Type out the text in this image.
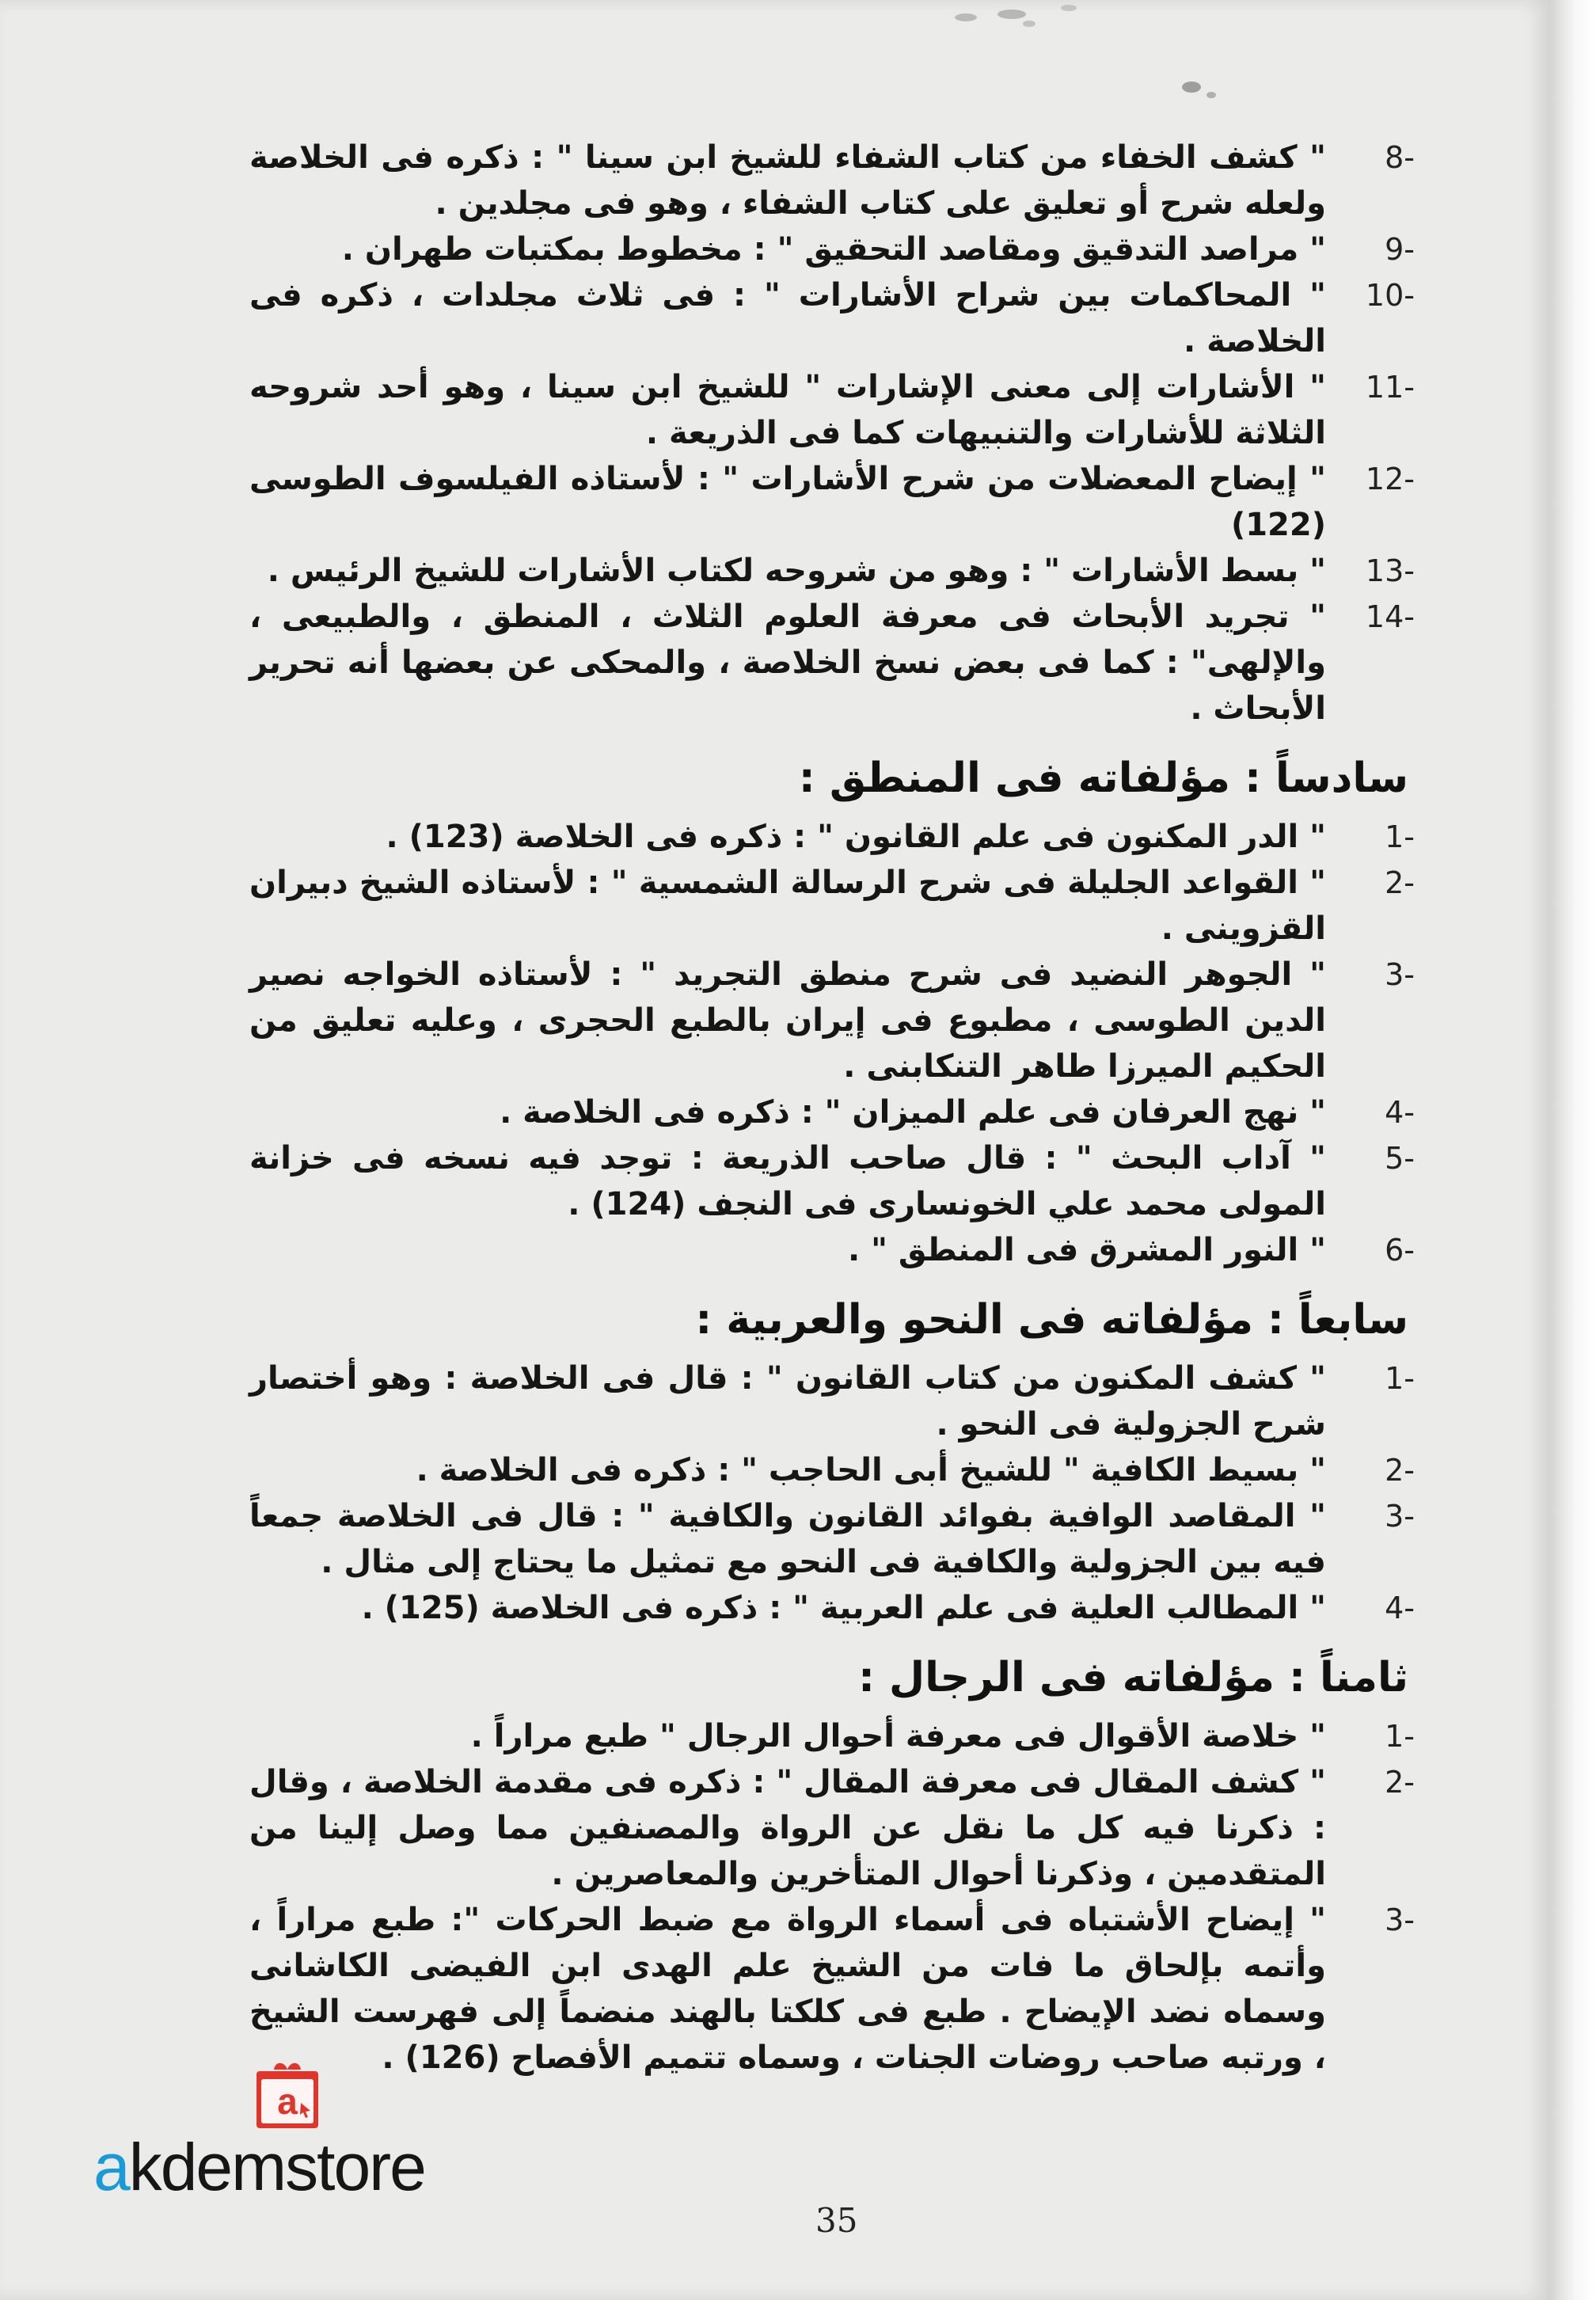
8-
" كشف الخفاء من كتاب الشفاء للشيخ ابن سينا " : ذكره فى الخلاصة ولعله شرح أو تعليق على كتاب الشفاء ، وهو فى مجلدين .
9-
" مراصد التدقيق ومقاصد التحقيق " : مخطوط بمكتبات طهران .
10-
" المحاكمات بين شراح الأشارات " : فى ثلاث مجلدات ، ذكره فى الخلاصة .
11-
" الأشارات إلى معنى الإشارات " للشيخ ابن سينا ، وهو أحد شروحه الثلاثة للأشارات والتنبيهات كما فى الذريعة .
12-
" إيضاح المعضلات من شرح الأشارات " : لأستاذه الفيلسوف الطوسى (122)
13-
" بسط الأشارات " : وهو من شروحه لكتاب الأشارات للشيخ الرئيس .
14-
" تجريد الأبحاث فى معرفة العلوم الثلاث ، المنطق ، والطبيعى ، والإلهى" : كما فى بعض نسخ الخلاصة ، والمحكى عن بعضها أنه تحرير الأبحاث .
سادساً : مؤلفاته فى المنطق :
1-
" الدر المكنون فى علم القانون " : ذكره فى الخلاصة (123) .
2-
" القواعد الجليلة فى شرح الرسالة الشمسية " : لأستاذه الشيخ دبيران القزوينى .
3-
" الجوهر النضيد فى شرح منطق التجريد " : لأستاذه الخواجه نصير الدين الطوسى ، مطبوع فى إيران بالطبع الحجرى ، وعليه تعليق من الحكيم الميرزا طاهر التنكابنى .
4-
" نهج العرفان فى علم الميزان " : ذكره فى الخلاصة .
5-
" آداب البحث " : قال صاحب الذريعة : توجد فيه نسخه فى خزانة المولى محمد علي الخونسارى فى النجف (124) .
6-
" النور المشرق فى المنطق " .
سابعاً : مؤلفاته فى النحو والعربية :
1-
" كشف المكنون من كتاب القانون " : قال فى الخلاصة : وهو أختصار شرح الجزولية فى النحو .
2-
" بسيط الكافية " للشيخ أبى الحاجب " : ذكره فى الخلاصة .
3-
" المقاصد الوافية بفوائد القانون والكافية " : قال فى الخلاصة جمعاً فيه بين الجزولية والكافية فى النحو مع تمثيل ما يحتاج إلى مثال .
4-
" المطالب العلية فى علم العربية " : ذكره فى الخلاصة (125) .
ثامناً : مؤلفاته فى الرجال :
1-
" خلاصة الأقوال فى معرفة أحوال الرجال " طبع مراراً .
2-
" كشف المقال فى معرفة المقال " : ذكره فى مقدمة الخلاصة ، وقال : ذكرنا فيه كل ما نقل عن الرواة والمصنفين مما وصل إلينا من المتقدمين ، وذكرنا أحوال المتأخرين والمعاصرين .
3-
" إيضاح الأشتباه فى أسماء الرواة مع ضبط الحركات ": طبع مراراً ، وأتمه بإلحاق ما فات من الشيخ علم الهدى ابن الفيضى الكاشانى وسماه نضد الإيضاح . طبع فى كلكتا بالهند منضماً إلى فهرست الشيخ ، ورتبه صاحب روضات الجنات ، وسماه تتميم الأفصاح (126) .
35
a
akdemstore
